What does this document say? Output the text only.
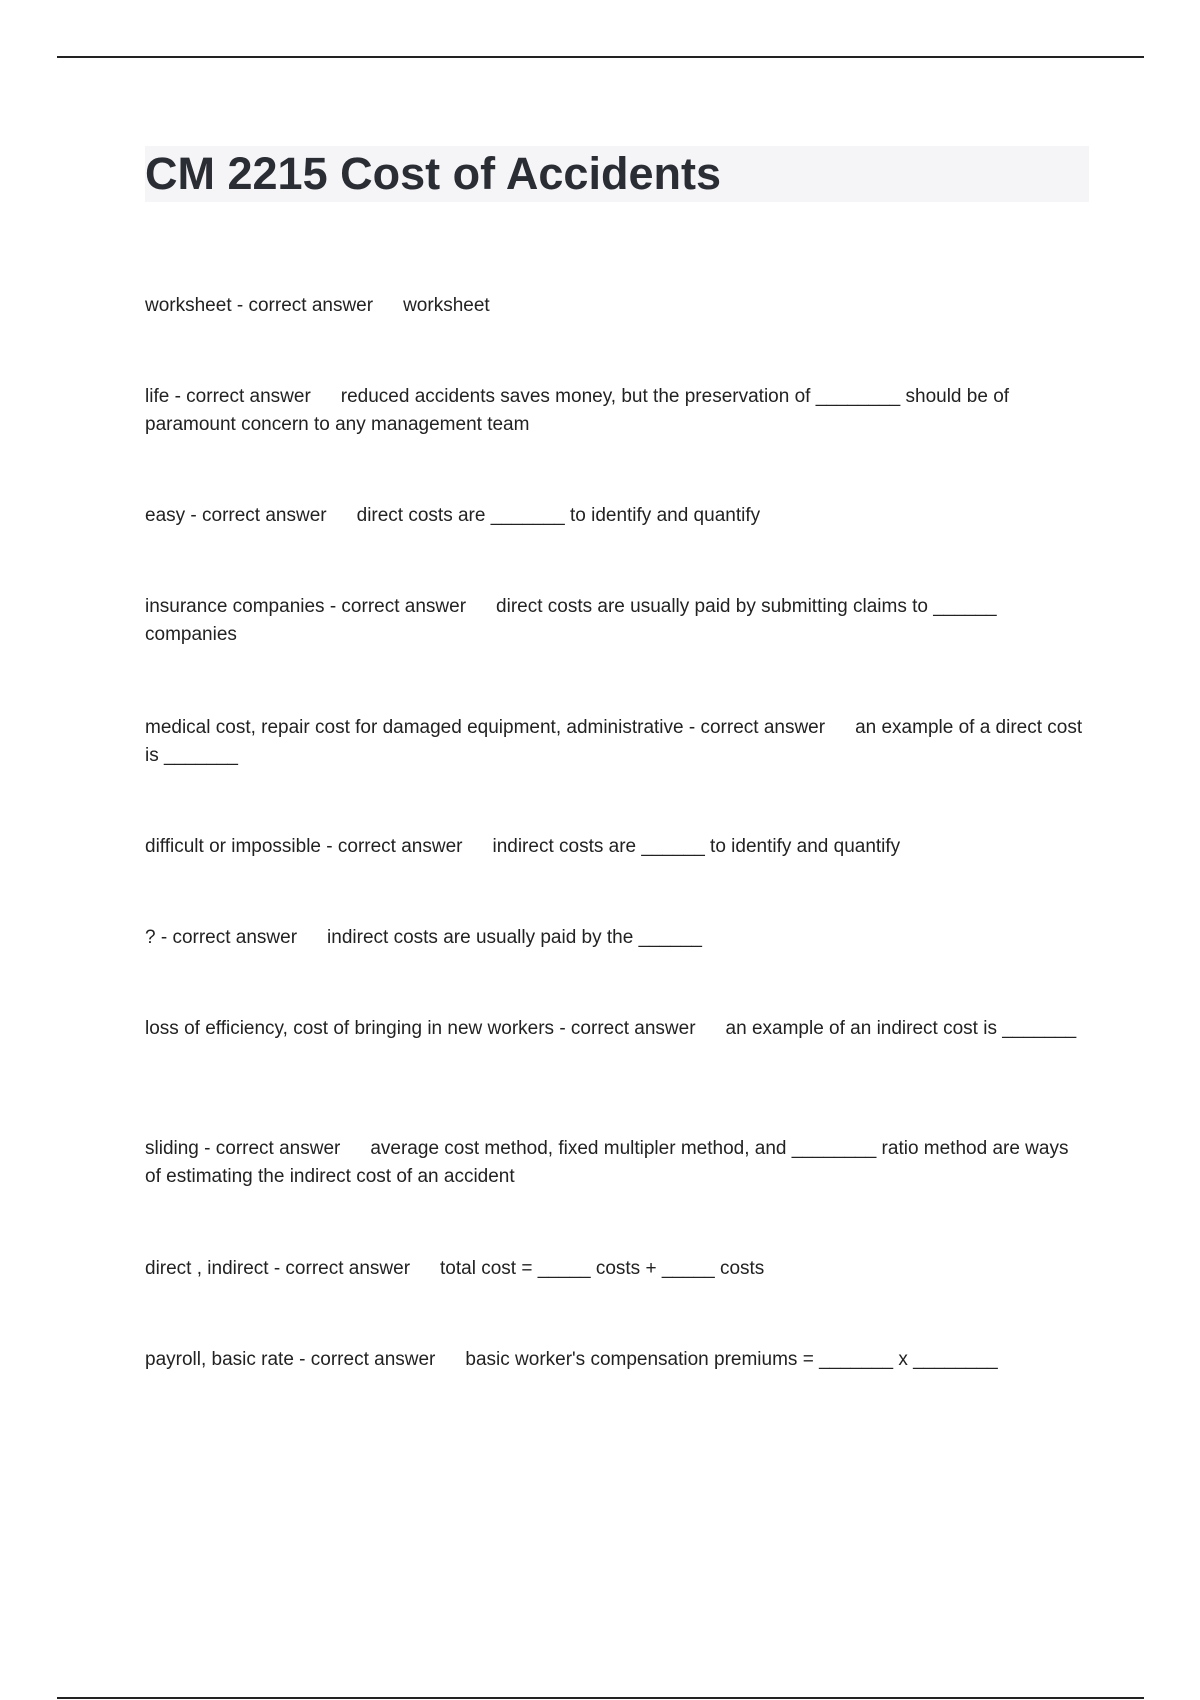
CM 2215 Cost of Accidents

worksheet - correct answer worksheet

life - correct answer reduced accidents saves money, but the preservation of ________ should be of paramount concern to any management team

easy - correct answer direct costs are _______ to identify and quantify

insurance companies - correct answer direct costs are usually paid by submitting claims to ______ companies

medical cost, repair cost for damaged equipment, administrative - correct answer an example of a direct cost is _______

difficult or impossible - correct answer indirect costs are ______ to identify and quantify

? - correct answer indirect costs are usually paid by the ______

loss of efficiency, cost of bringing in new workers - correct answer an example of an indirect cost is _______

sliding - correct answer average cost method, fixed multipler method, and ________ ratio method are ways of estimating the indirect cost of an accident

direct , indirect - correct answer total cost = _____ costs + _____ costs

payroll, basic rate - correct answer basic worker's compensation premiums = _______ x ________
